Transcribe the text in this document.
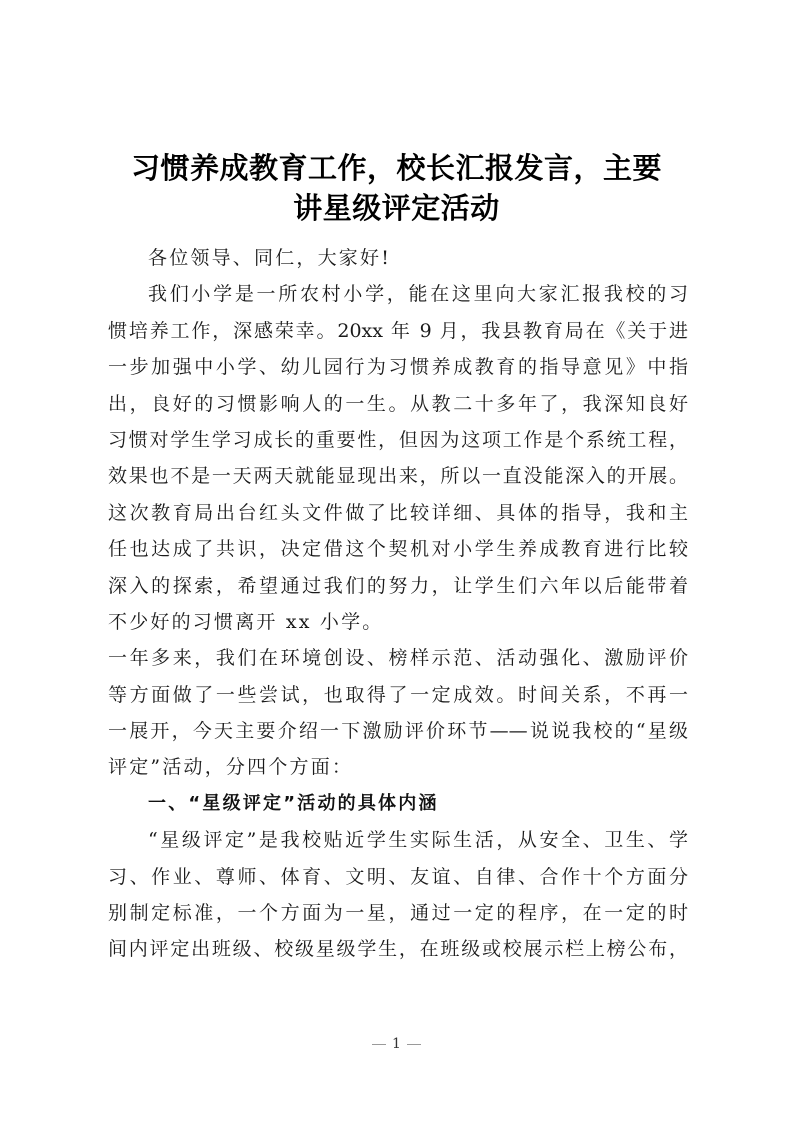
习惯养成教育工作，校长汇报发言，主要
讲星级评定活动
各位领导、同仁，大家好!
我们小学是一所农村小学，能在这里向大家汇报我校的习
惯培养工作，深感荣幸。20xx 年 9 月，我县教育局在《关于进
一步加强中小学、幼儿园行为习惯养成教育的指导意见》中指
出，良好的习惯影响人的一生。从教二十多年了，我深知良好
习惯对学生学习成长的重要性，但因为这项工作是个系统工程，
效果也不是一天两天就能显现出来，所以一直没能深入的开展。
这次教育局出台红头文件做了比较详细、具体的指导，我和主
任也达成了共识，决定借这个契机对小学生养成教育进行比较
深入的探索，希望通过我们的努力，让学生们六年以后能带着
不少好的习惯离开 xx 小学。
一年多来，我们在环境创设、榜样示范、活动强化、激励评价
等方面做了一些尝试，也取得了一定成效。时间关系，不再一
一展开，今天主要介绍一下激励评价环节——说说我校的“星级
评定”活动，分四个方面：
一、“星级评定”活动的具体内涵
“星级评定”是我校贴近学生实际生活，从安全、卫生、学
习、作业、尊师、体育、文明、友谊、自律、合作十个方面分
别制定标准，一个方面为一星，通过一定的程序，在一定的时
间内评定出班级、校级星级学生，在班级或校展示栏上榜公布，
1
